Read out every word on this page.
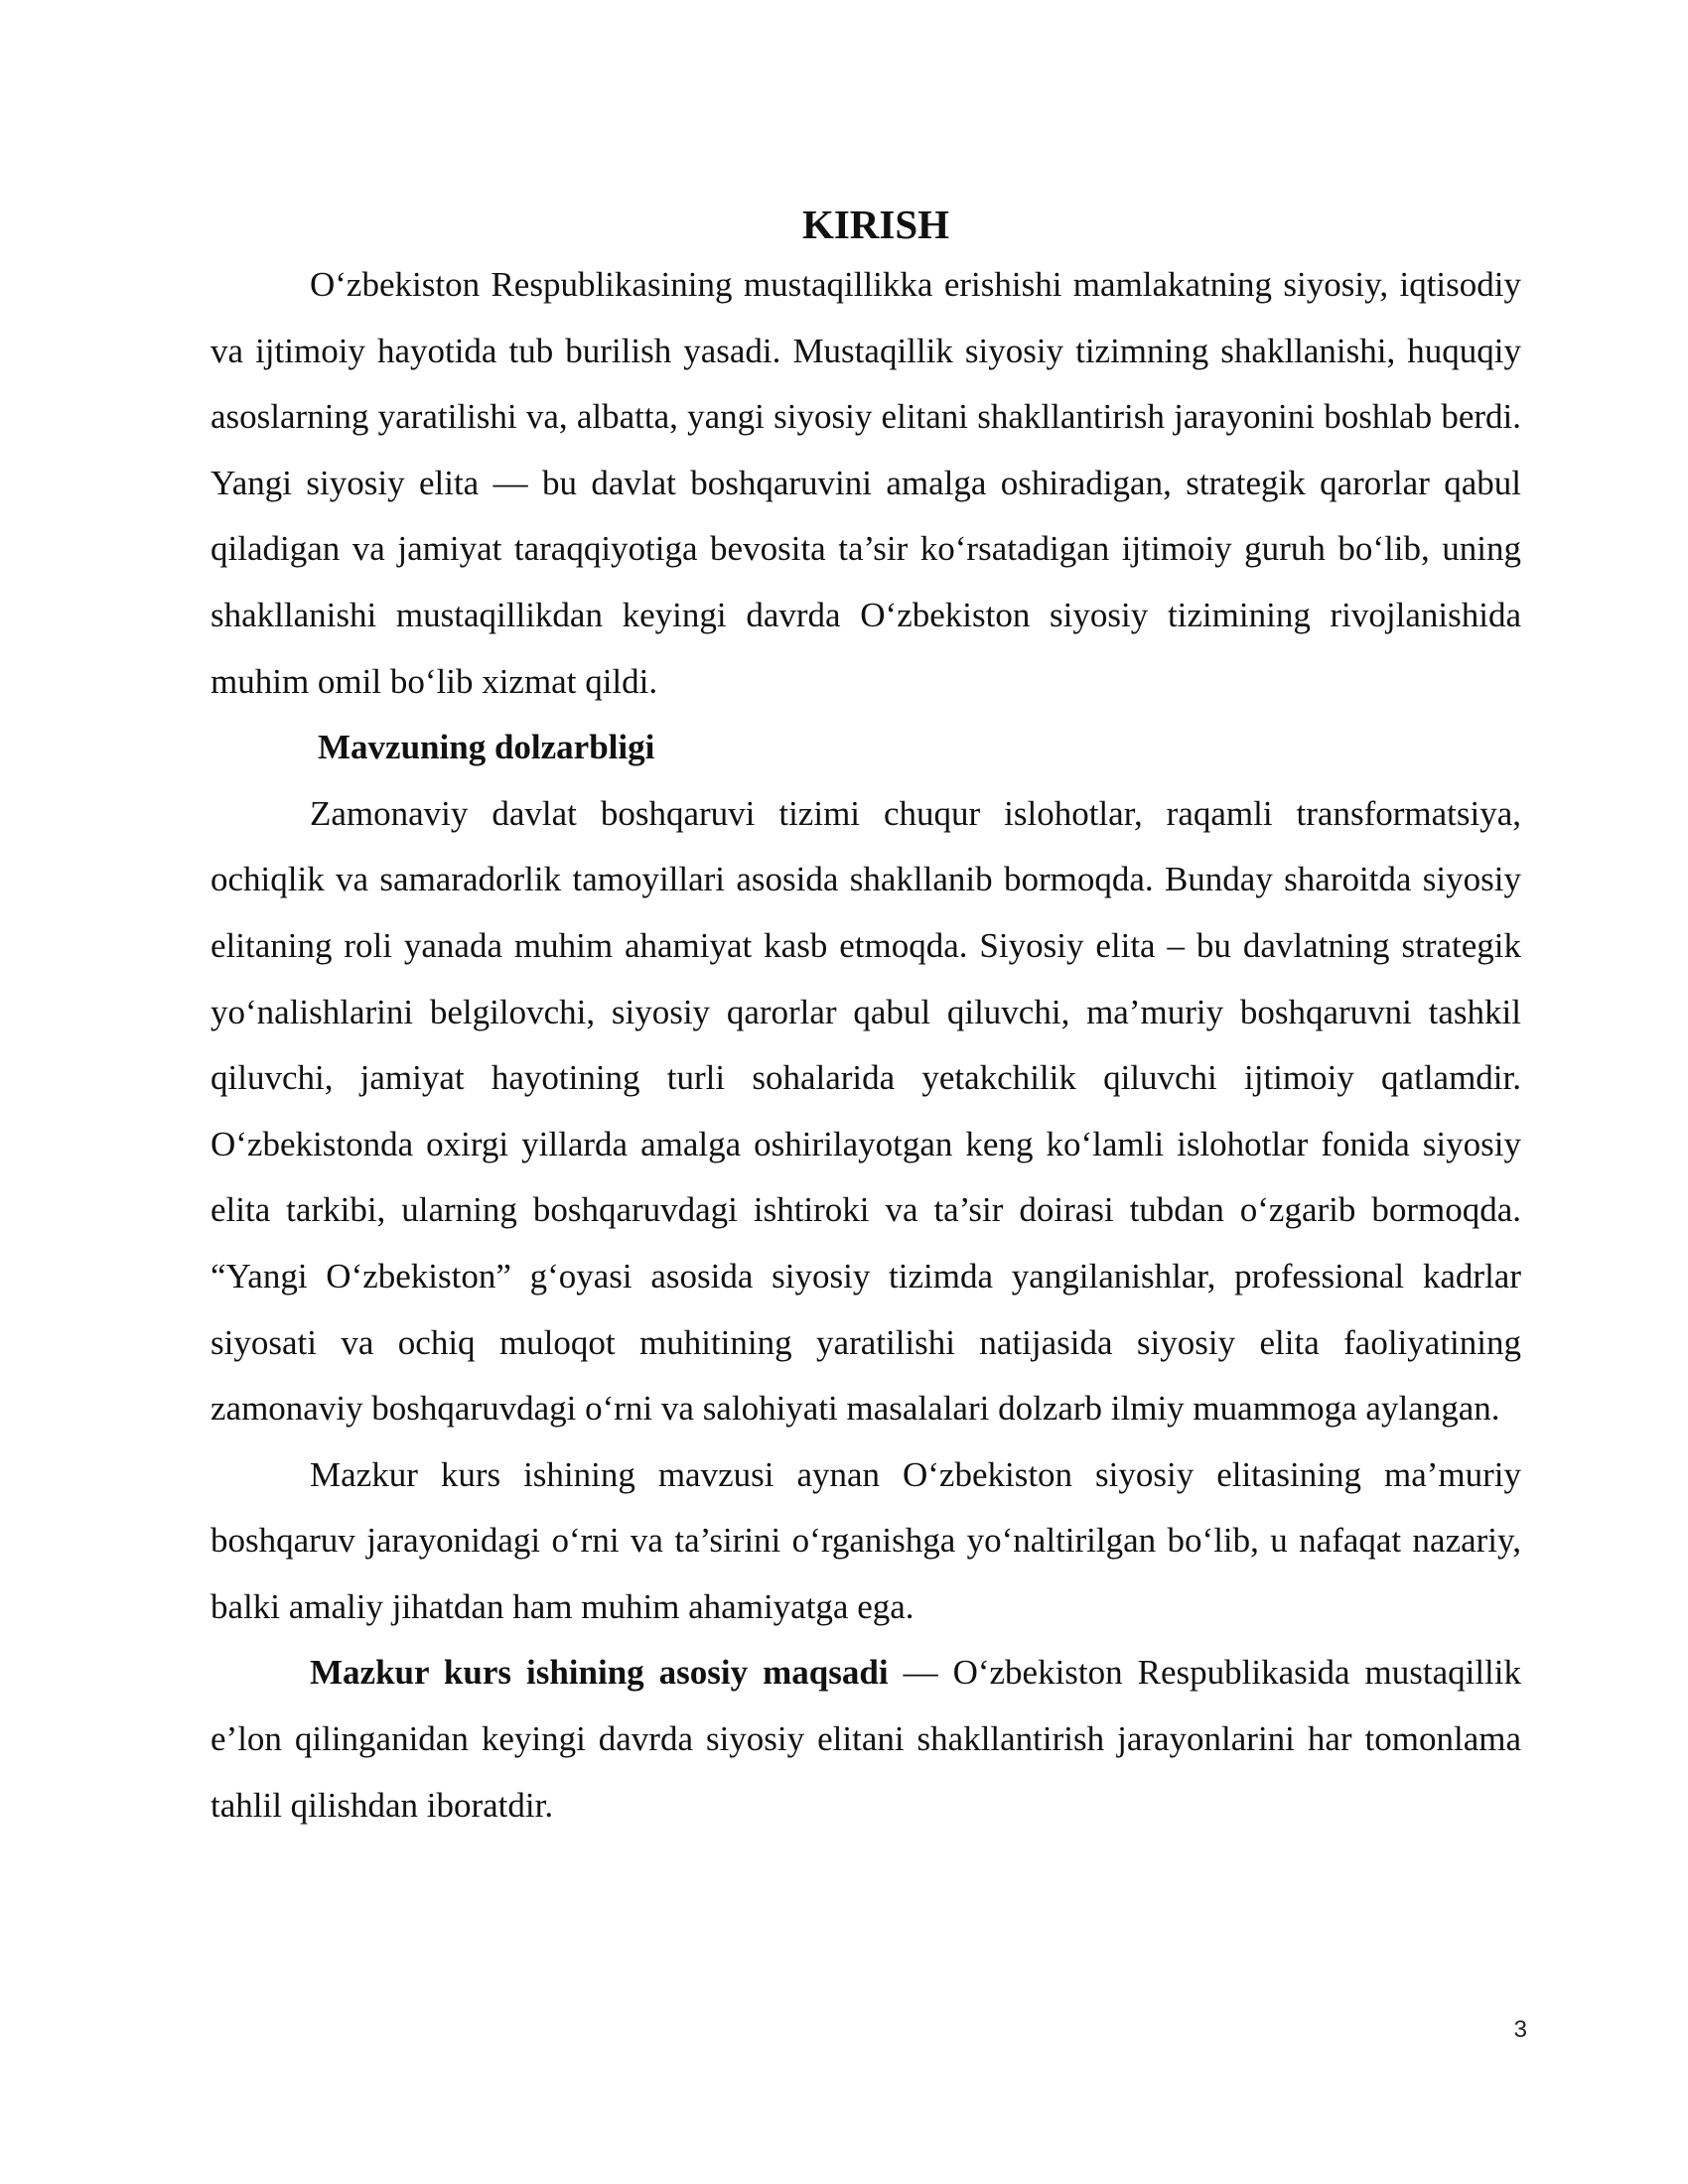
KIRISH

O‘zbekiston Respublikasining mustaqillikka erishishi mamlakatning siyosiy, iqtisodiy va ijtimoiy hayotida tub burilish yasadi. Mustaqillik siyosiy tizimning shakllanishi, huquqiy asoslarning yaratilishi va, albatta, yangi siyosiy elitani shakllantirish jarayonini boshlab berdi. Yangi siyosiy elita — bu davlat boshqaruvini amalga oshiradigan, strategik qarorlar qabul qiladigan va jamiyat taraqqiyotiga bevosita ta’sir ko‘rsatadigan ijtimoiy guruh bo‘lib, uning shakllanishi mustaqillikdan keyingi davrda O‘zbekiston siyosiy tizimining rivojlanishida muhim omil bo‘lib xizmat qildi.

Mavzuning dolzarbligi

Zamonaviy davlat boshqaruvi tizimi chuqur islohotlar, raqamli transformatsiya, ochiqlik va samaradorlik tamoyillari asosida shakllanib bormoqda. Bunday sharoitda siyosiy elitaning roli yanada muhim ahamiyat kasb etmoqda. Siyosiy elita – bu davlatning strategik yo‘nalishlarini belgilovchi, siyosiy qarorlar qabul qiluvchi, ma’muriy boshqaruvni tashkil qiluvchi, jamiyat hayotining turli sohalarida yetakchilik qiluvchi ijtimoiy qatlamdir. O‘zbekistonda oxirgi yillarda amalga oshirilayotgan keng ko‘lamli islohotlar fonida siyosiy elita tarkibi, ularning boshqaruvdagi ishtiroki va ta’sir doirasi tubdan o‘zgarib bormoqda. “Yangi O‘zbekiston” g‘oyasi asosida siyosiy tizimda yangilanishlar, professional kadrlar siyosati va ochiq muloqot muhitining yaratilishi natijasida siyosiy elita faoliyatining zamonaviy boshqaruvdagi o‘rni va salohiyati masalalari dolzarb ilmiy muammoga aylangan.

Mazkur kurs ishining mavzusi aynan O‘zbekiston siyosiy elitasining ma’muriy boshqaruv jarayonidagi o‘rni va ta’sirini o‘rganishga yo‘naltirilgan bo‘lib, u nafaqat nazariy, balki amaliy jihatdan ham muhim ahamiyatga ega.

Mazkur kurs ishining asosiy maqsadi — O‘zbekiston Respublikasida mustaqillik e’lon qilinganidan keyingi davrda siyosiy elitani shakllantirish jarayonlarini har tomonlama tahlil qilishdan iboratdir.

3
